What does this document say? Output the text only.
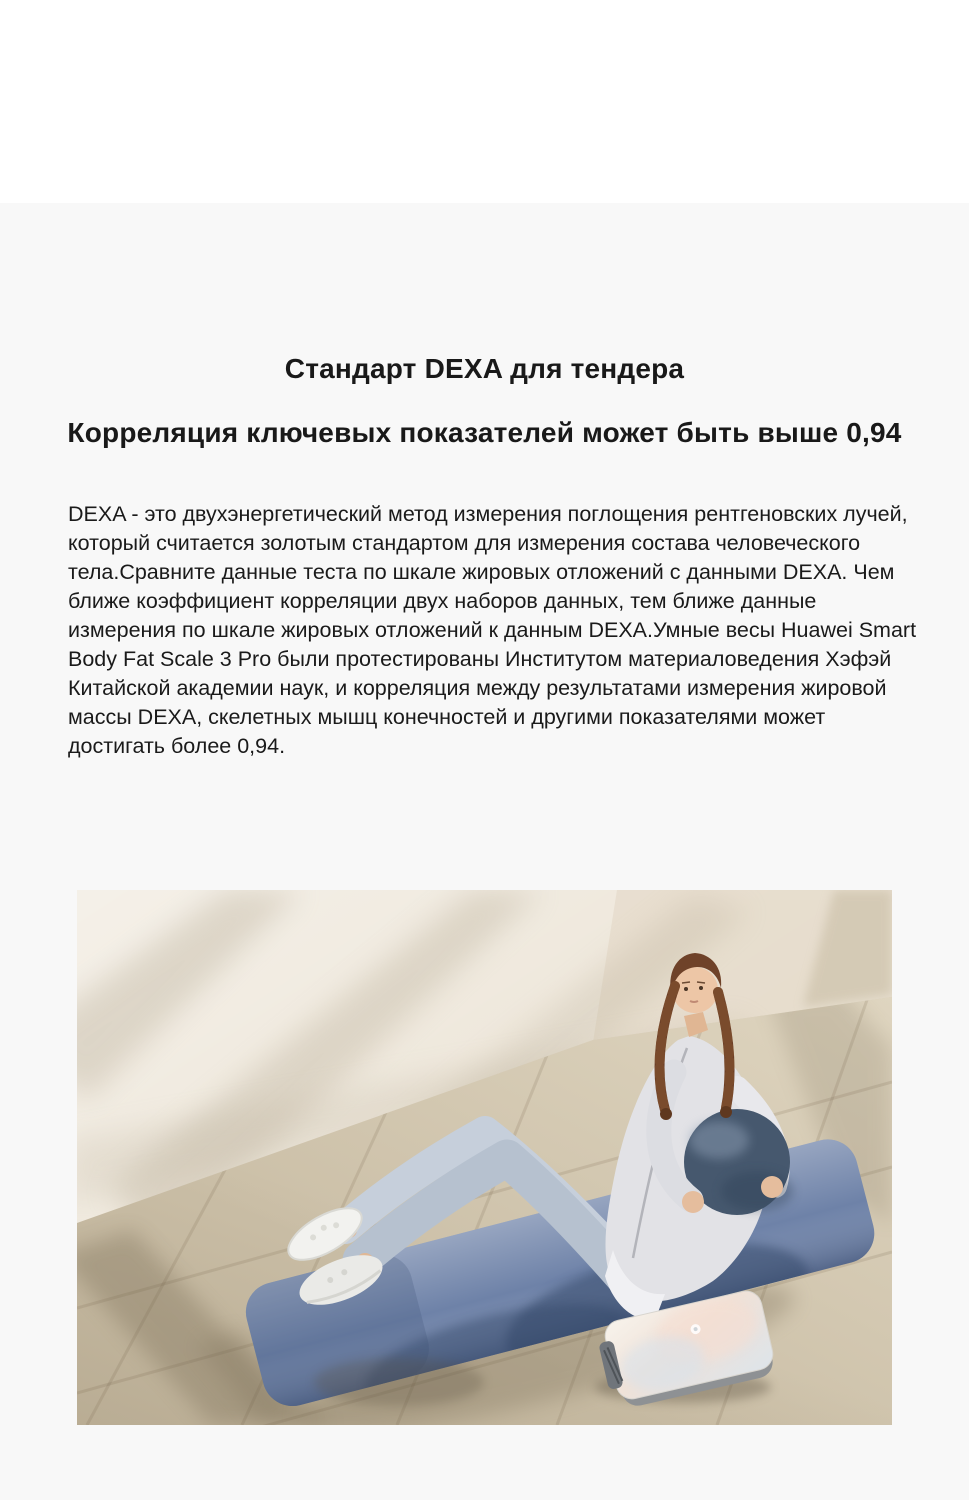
Стандарт DEXA для тендера
Корреляция ключевых показателей может быть выше 0,94

DEXA - это двухэнергетический метод измерения поглощения рентгеновских лучей, который считается золотым стандартом для измерения состава человеческого тела.Сравните данные теста по шкале жировых отложений с данными DEXA. Чем ближе коэффициент корреляции двух наборов данных, тем ближе данные измерения по шкале жировых отложений к данным DEXA.Умные весы Huawei Smart Body Fat Scale 3 Pro были протестированы Институтом материаловедения Хэфэй Китайской академии наук, и корреляция между результатами измерения жировой массы DEXA, скелетных мышц конечностей и другими показателями может достигать более 0,94.
